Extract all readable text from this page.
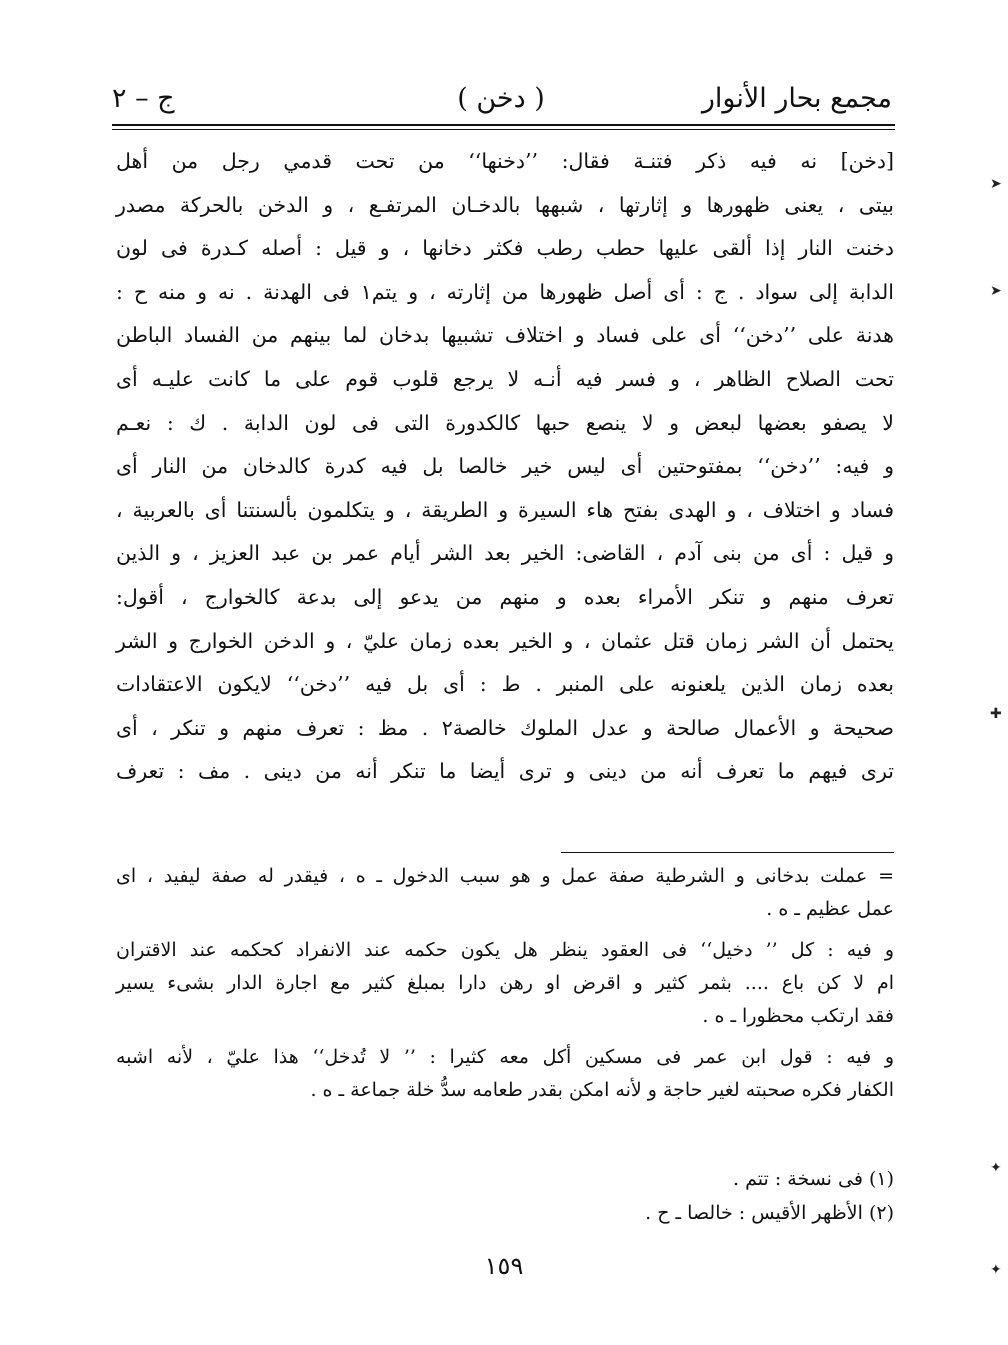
مجمع بحار الأنوار
( دخن )
ج – ٢
[دخن] نه فيه ذكر فتنـة فقال: ’’دخنها‘‘ من تحت قدمي رجل من أهل
بيتى ، يعنى ظهورها و إثارتها ، شبهها بالدخـان المرتفـع ، و الدخن بالحركة مصدر
دخنت النار إذا ألقى عليها حطب رطب فكثر دخانها ، و قيل : أصله كـدرة فى لون
الدابة إلى سواد . ج : أى أصل ظهورها من إثارته ، و يتم١ فى الهدنة . نه و منه ح :
هدنة على ’’دخن‘‘ أى على فساد و اختلاف تشبيها بدخان لما بينهم من الفساد الباطن
تحت الصلاح الظاهر ، و فسر فيه أنـه لا يرجع قلوب قوم على ما كانت عليـه أى
لا يصفو بعضها لبعض و لا ينصع حبها كالكدورة التى فى لون الدابة . ك : نعـم
و فيه: ’’دخن‘‘ بمفتوحتين أى ليس خير خالصا بل فيه كدرة كالدخان من النار أى
فساد و اختلاف ، و الهدى بفتح هاء السيرة و الطريقة ، و يتكلمون بألسنتنا أى بالعربية ،
و قيل : أى من بنى آدم ، القاضى: الخير بعد الشر أيام عمر بن عبد العزيز ، و الذين
تعرف منهم و تنكر الأمراء بعده و منهم من يدعو إلى بدعة كالخوارج ، أقول:
يحتمل أن الشر زمان قتل عثمان ، و الخير بعده زمان عليّ ، و الدخن الخوارج و الشر
بعده زمان الذين يلعنونه على المنبر . ط : أى بل فيه ’’دخن‘‘ لايكون الاعتقادات
صحيحة و الأعمال صالحة و عدل الملوك خالصة٢ . مظ : تعرف منهم و تنكر ، أى
ترى فيهم ما تعرف أنه من دينى و ترى أيضا ما تنكر أنه من دينى . مف : تعرف
= عملت بدخانى و الشرطية صفة عمل و هو سبب الدخول ـ ه ، فيقدر له صفة ليفيد ، اى
عمل عظيم ـ ه .
و فيه : كل ’’ دخيل‘‘ فى العقود ينظر هل يكون حكمه عند الانفراد كحكمه عند الاقتران
ام لا كن باع .... بثمر كثير و اقرض او رهن دارا بمبلغ كثير مع اجارة الدار بشىء يسير
فقد ارتكب محظورا ـ ه .
و فيه : قول ابن عمر فى مسكين أكل معه كثيرا : ’’ لا تُدخل‘‘ هذا عليّ ، لأنه اشبه
الكفار فكره صحبته لغير حاجة و لأنه امكن بقدر طعامه سدُّ خلة جماعة ـ ه .
(١) فى نسخة : تتم .
(٢) الأظهر الأقيس : خالصا ـ ح .
١٥٩
➤
➤
✚
✦
✦
